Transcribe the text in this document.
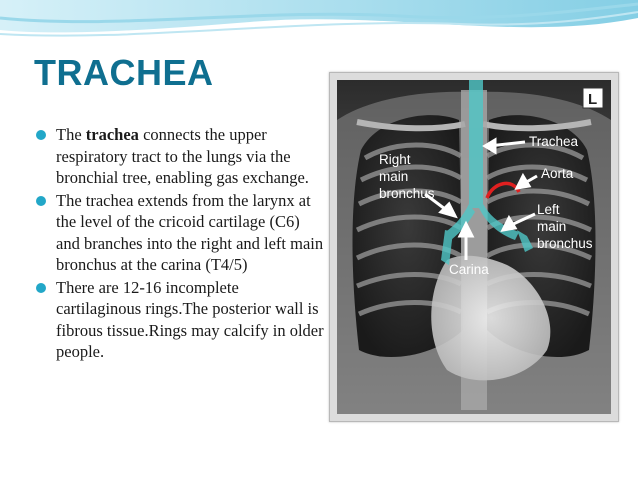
TRACHEA
The trachea connects the upper respiratory tract to the lungs via the bronchial tree, enabling gas exchange.
The trachea extends from the larynx at the level of the cricoid cartilage (C6) and branches into the right and left main bronchus at the carina (T4/5)
There are 12-16 incomplete cartilaginous rings.The posterior wall is fibrous tissue.Rings may calcify in older people.
L
Trachea
Right
main
bronchus
Aorta
Left
main
bronchus
Carina
